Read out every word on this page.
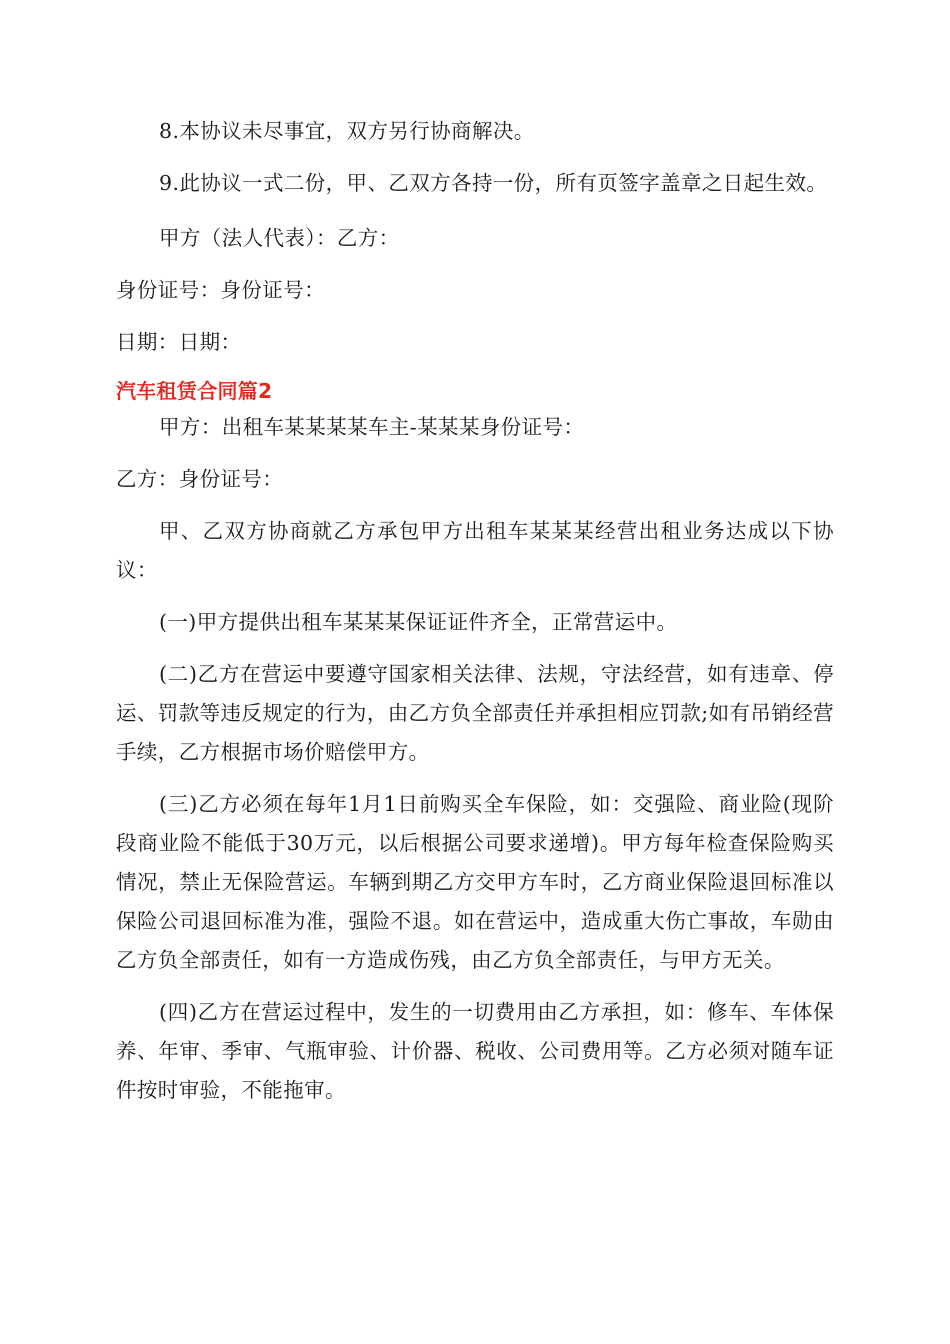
8.本协议未尽事宜，双方另行协商解决。

9.此协议一式二份，甲、乙双方各持一份，所有页签字盖章之日起生效。

甲方（法人代表）：乙方：

身份证号：身份证号：

日期：日期：

汽车租赁合同篇2

甲方：出租车某某某某车主-某某某身份证号：

乙方：身份证号：

甲、乙双方协商就乙方承包甲方出租车某某某经营出租业务达成以下协议：

(一)甲方提供出租车某某某保证证件齐全，正常营运中。

(二)乙方在营运中要遵守国家相关法律、法规，守法经营，如有违章、停运、罚款等违反规定的行为，由乙方负全部责任并承担相应罚款;如有吊销经营手续，乙方根据市场价赔偿甲方。

(三)乙方必须在每年1月1日前购买全车保险，如：交强险、商业险(现阶段商业险不能低于30万元，以后根据公司要求递增)。甲方每年检查保险购买情况，禁止无保险营运。车辆到期乙方交甲方车时，乙方商业保险退回标准以保险公司退回标准为准，强险不退。如在营运中，造成重大伤亡事故，车勋由乙方负全部责任，如有一方造成伤残，由乙方负全部责任，与甲方无关。

(四)乙方在营运过程中，发生的一切费用由乙方承担，如：修车、车体保养、年审、季审、气瓶审验、计价器、税收、公司费用等。乙方必须对随车证件按时审验，不能拖审。
